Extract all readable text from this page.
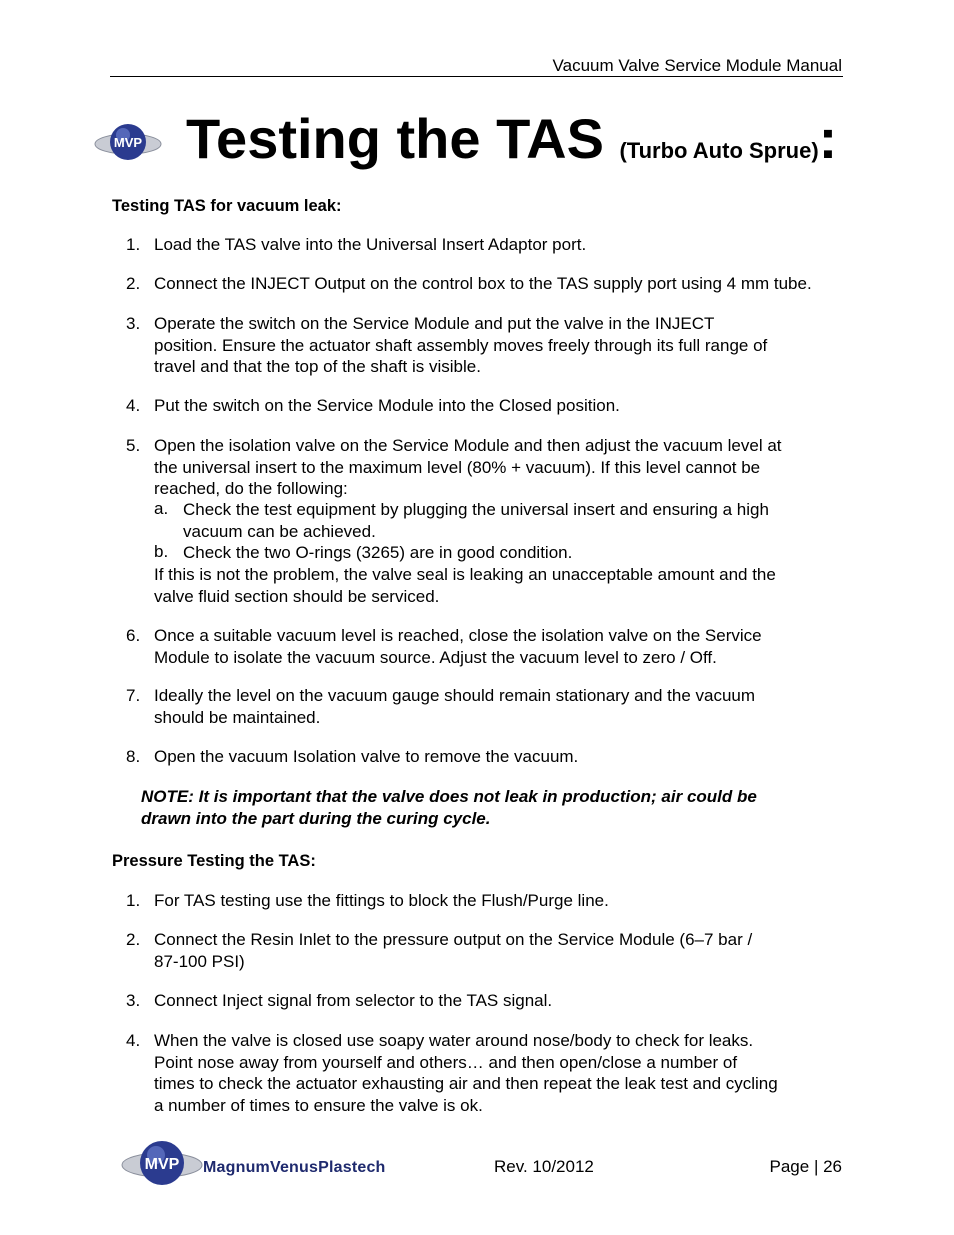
Vacuum Valve Service Module Manual
MVP Testing the TAS (Turbo Auto Sprue):
Testing TAS for vacuum leak:
1. Load the TAS valve into the Universal Insert Adaptor port.
2. Connect the INJECT Output on the control box to the TAS supply port using 4 mm tube.
3. Operate the switch on the Service Module and put the valve in the INJECT
position. Ensure the actuator shaft assembly moves freely through its full range of
travel and that the top of the shaft is visible.
4. Put the switch on the Service Module into the Closed position.
5. Open the isolation valve on the Service Module and then adjust the vacuum level at
the universal insert to the maximum level (80% + vacuum). If this level cannot be
reached, do the following:
a. Check the test equipment by plugging the universal insert and ensuring a high
vacuum can be achieved.
b. Check the two O-rings (3265) are in good condition.
If this is not the problem, the valve seal is leaking an unacceptable amount and the
valve fluid section should be serviced.
6. Once a suitable vacuum level is reached, close the isolation valve on the Service
Module to isolate the vacuum source. Adjust the vacuum level to zero / Off.
7. Ideally the level on the vacuum gauge should remain stationary and the vacuum
should be maintained.
8. Open the vacuum Isolation valve to remove the vacuum.
NOTE: It is important that the valve does not leak in production; air could be
drawn into the part during the curing cycle.
Pressure Testing the TAS:
1. For TAS testing use the fittings to block the Flush/Purge line.
2. Connect the Resin Inlet to the pressure output on the Service Module (6–7 bar /
87-100 PSI)
3. Connect Inject signal from selector to the TAS signal.
4. When the valve is closed use soapy water around nose/body to check for leaks.
Point nose away from yourself and others… and then open/close a number of
times to check the actuator exhausting air and then repeat the leak test and cycling
a number of times to ensure the valve is ok.
MVP MagnumVenusPlastech	Rev. 10/2012	Page | 26
